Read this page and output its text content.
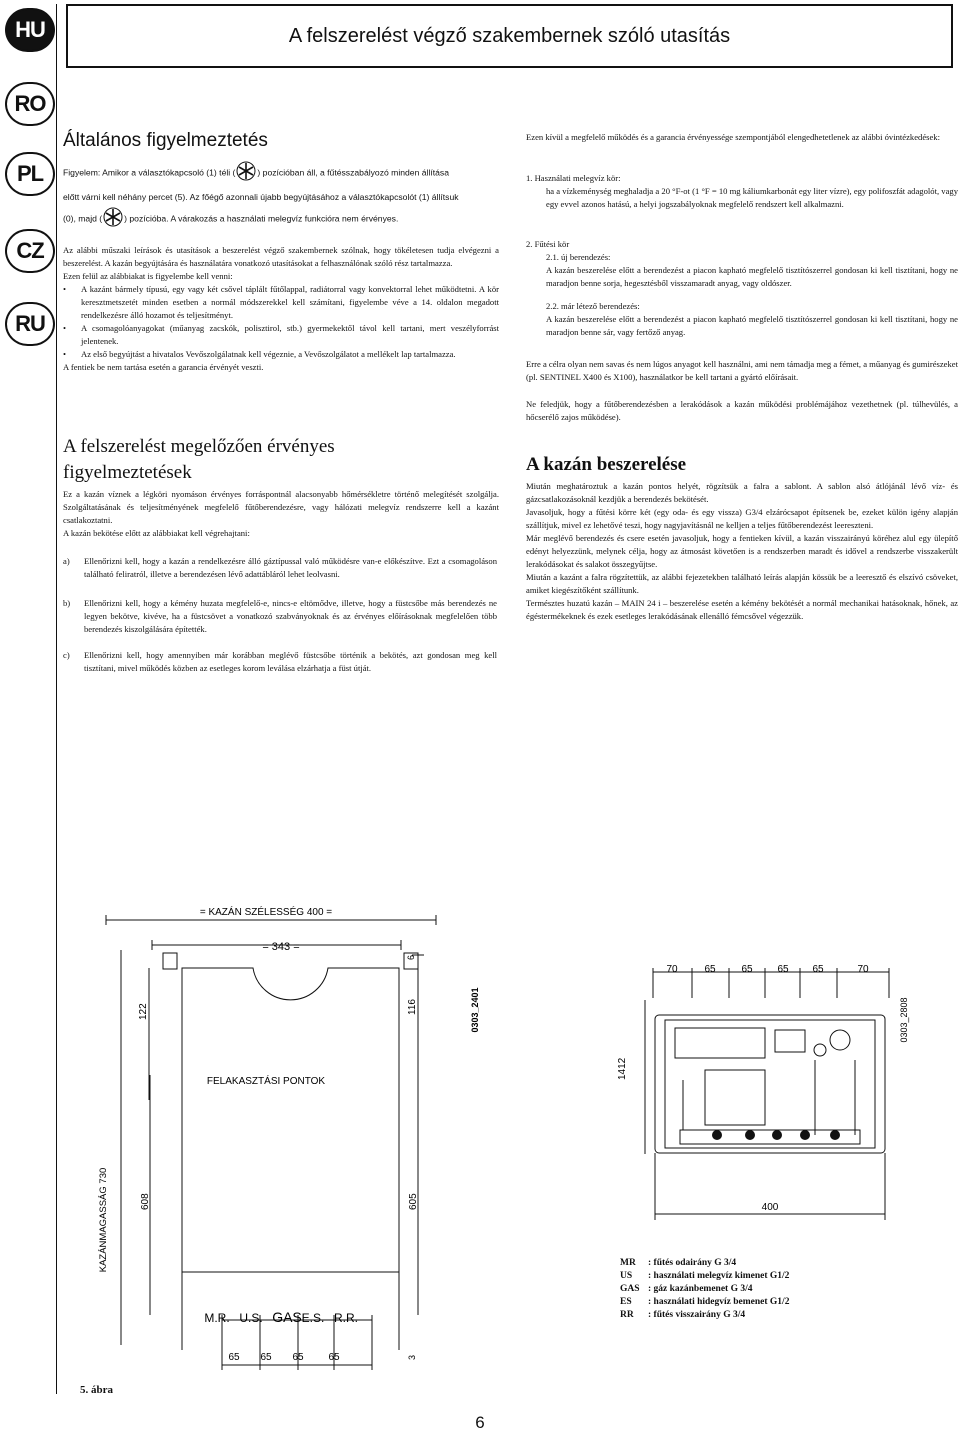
A felszerelést végző szakembernek szóló utasítás
HU
RO
PL
CZ
RU
Általános figyelmeztetés
Figyelem: Amikor a választókapcsoló (1) téli (	) pozícióban áll, a fűtésszabályozó minden állítása
előtt várni kell néhány percet (5). Az főégő azonnali újabb begyújtásához a választókapcsolót (1) állítsuk
(0), majd (	) pozícióba. A várakozás a használati melegvíz funkcióra nem érvényes.
Az alábbi műszaki leírások és utasítások a beszerelést végző szakembernek szólnak, hogy tökéletesen tudja elvégezni a beszerelést. A kazán begyújtására és használatára vonatkozó utasításokat a felhasználónak szóló rész tartalmazza.
Ezen felül az alábbiakat is figyelembe kell venni:
• A kazánt bármely típusú, egy vagy két csővel táplált fűtőlappal, radiátorral vagy konvektorral lehet működtetni. A kör keresztmetszetét minden esetben a normál módszerekkel kell számítani, figyelembe véve a 14. oldalon megadott rendelkezésre álló hozamot és teljesítményt.
• A csomagolóanyagokat (műanyag zacskók, polisztirol, stb.) gyermekektől távol kell tartani, mert veszélyforrást jelentenek.
• Az első begyújtást a hivatalos Vevőszolgálatnak kell végeznie, a Vevőszolgálatot a mellékelt lap tartalmazza.
A fentiek be nem tartása esetén a garancia érvényét veszti.
A felszerelést megelőzően érvényes
figyelmeztetések
Ez a kazán víznek a légköri nyomáson érvényes forráspontnál alacsonyabb hőmérsékletre történő melegítését szolgálja. Szolgáltatásának és teljesítményének megfelelő fűtőberendezésre, vagy hálózati melegvíz rendszerre kell a kazánt csatlakoztatni.
A kazán bekötése előtt az alábbiakat kell végrehajtani:
a) Ellenőrizni kell, hogy a kazán a rendelkezésre álló gáztípussal való működésre van-e előkészítve. Ezt a csomagoláson található feliratról, illetve a berendezésen lévő adattábláról lehet leolvasni.
b) Ellenőrizni kell, hogy a kémény huzata megfelelő-e, nincs-e eltömődve, illetve, hogy a füstcsőbe más berendezés ne legyen bekötve, kivéve, ha a füstcsövet a vonatkozó szabványoknak és az érvényes előírásoknak megfelelően több berendezés kiszolgálására építették.
c) Ellenőrizni kell, hogy amennyiben már korábban meglévő füstcsőbe történik a bekötés, azt gondosan meg kell tisztítani, mivel működés közben az esetleges korom leválása elzárhatja a füst útját.
Ezen kívül a megfelelő működés és a garancia érvényessége szempontjából elengedhetetlenek az alábbi óvintézkedések:
1. Használati melegvíz kör:
ha a vízkeménység meghaladja a 20 °F-ot (1 °F = 10 mg káliumkarbonát egy liter vízre), egy polifoszfát adagolót, vagy egy evvel azonos hatású, a helyi jogszabályoknak megfelelő rendszert kell alkalmazni.
2. Fűtési kör
2.1. új berendezés:
A kazán beszerelése előtt a berendezést a piacon kapható megfelelő tisztítószerrel gondosan ki kell tisztítani, hogy ne maradjon benne sorja, hegesztésből visszamaradt anyag, vagy oldószer.
2.2. már létező berendezés:
A kazán beszerelése előtt a berendezést a piacon kapható megfelelő tisztítószerrel gondosan ki kell tisztítani, hogy ne maradjon benne sár, vagy fertőző anyag.
Erre a célra olyan nem savas és nem lúgos anyagot kell használni, ami nem támadja meg a fémet, a műanyag és gumirészeket (pl. SENTINEL X400 és X100), használatkor be kell tartani a gyártó előírásait.
Ne feledjük, hogy a fűtőberendezésben a lerakódások a kazán működési problémájához vezethetnek (pl. túlhevülés, a hőcserélő zajos működése).
A kazán beszerelése
Miután meghatároztuk a kazán pontos helyét, rögzítsük a falra a sablont. A sablon alsó átlójánál lévő víz- és gázcsatlakozásoknál kezdjük a berendezés bekötését.
Javasoljuk, hogy a fűtési körre két (egy oda- és egy vissza) G3/4 elzárócsapot építsenek be, ezeket külön igény alapján szállítjuk, mivel ez lehetővé teszi, hogy nagyjavításnál ne kelljen a teljes fűtőberendezést leereszteni.
Már meglévő berendezés és csere esetén javasoljuk, hogy a fentieken kívül, a kazán visszairányú köréhez alul egy ülepítő edényt helyezzünk, melynek célja, hogy az átmosást követően is a rendszerben maradt és idővel a rendszerbe visszakerült lerakódásokat és salakot összegyűjtse.
Miután a kazánt a falra rögzítettük, az alábbi fejezetekben található leírás alapján kössük be a leeresztő és elszívó csöveket, amiket kiegészítőként szállítunk.
Természtes huzatú kazán – MAIN 24 i – beszerelése esetén a kémény bekötését a normál mechanikai hatásoknak, hőnek, az égéstermékeknek és ezek esetleges lerakódásának ellenálló fémcsővel végezzük.
= KAZÁN SZÉLESSÉG 400 =
= 343 =
6
122	116
FELAKASZTÁSI PONTOK
KAZÁNMAGASSÁG 730	608	605
3
M.R. U.S. GAS E.S. R.R.
65 65 65 65
0303_2401
70	65	65 65 65	70
1412
400
0303_2808
MR	: fűtés odairány G 3/4
US	: használati melegvíz kimenet G1/2
GAS : gáz kazánbemenet G 3/4
ES	: használati hidegvíz bemenet G1/2
RR	: fűtés visszairány G 3/4
5. ábra
6
